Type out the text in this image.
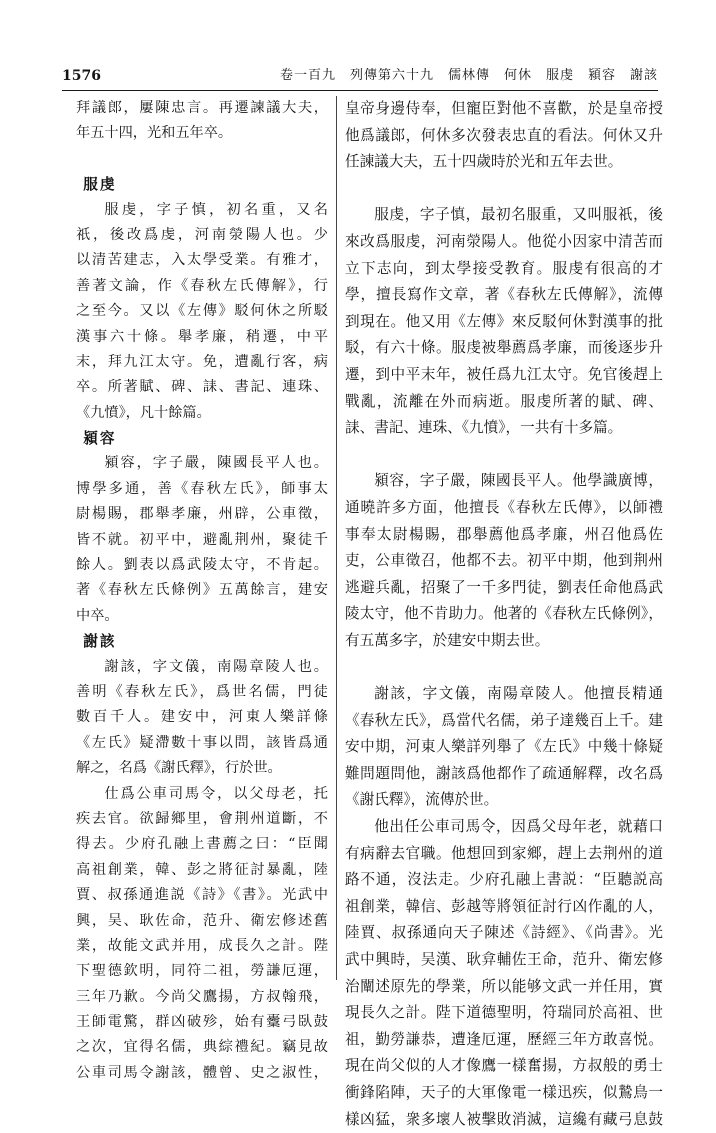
1576	卷一百九　列傳第六十九　儒林傳　何休　服虔　潁容　謝該
拜議郎，屢陳忠言。再遷諫議大夫，
年五十四，光和五年卒。
服虔
服虔，字子慎，初名重，又名
祇，後改爲虔，河南滎陽人也。少
以清苦建志，入太學受業。有雅才，
善著文論，作《春秋左氏傳解》，行
之至今。又以《左傳》駁何休之所駁
漢事六十條。舉孝廉，稍遷，中平
末，拜九江太守。免，遭亂行客，病
卒。所著賦、碑、誄、書記、連珠、
《九憤》，凡十餘篇。
潁容
潁容，字子嚴，陳國長平人也。
博學多通，善《春秋左氏》，師事太
尉楊賜，郡舉孝廉，州辟，公車徵，
皆不就。初平中，避亂荆州，聚徒千
餘人。劉表以爲武陵太守，不肯起。
著《春秋左氏條例》五萬餘言，建安
中卒。
謝該
謝該，字文儀，南陽章陵人也。
善明《春秋左氏》，爲世名儒，門徒
數百千人。建安中，河東人樂詳條
《左氏》疑滯數十事以問，該皆爲通
解之，名爲《謝氏釋》，行於世。
仕爲公車司馬令，以父母老，托
疾去官。欲歸鄉里，會荆州道斷，不
得去。少府孔融上書薦之曰：“臣聞
高祖創業，韓、彭之將征討暴亂，陸
賈、叔孫通進説《詩》《書》。光武中
興，吴、耿佐命，范升、衛宏修述舊
業，故能文武并用，成長久之計。陛
下聖德欽明，同符二祖，勞謙厄運，
三年乃歉。今尚父鷹揚，方叔翰飛，
王師電驚，群凶破殄，始有櫜弓臥鼓
之次，宜得名儒，典綜禮紀。竊見故
公車司馬令謝該，體曾、史之淑性，
皇帝身邊侍奉，但寵臣對他不喜歡，於是皇帝授
他爲議郎，何休多次發表忠直的看法。何休又升
任諫議大夫，五十四歲時於光和五年去世。
服虔，字子慎，最初名服重，又叫服祇，後
來改爲服虔，河南滎陽人。他從小因家中清苦而
立下志向，到太學接受教育。服虔有很高的才
學，擅長寫作文章，著《春秋左氏傳解》，流傳
到現在。他又用《左傳》來反駁何休對漢事的批
駁，有六十條。服虔被舉薦爲孝廉，而後逐步升
遷，到中平末年，被任爲九江太守。免官後趕上
戰亂，流離在外而病逝。服虔所著的賦、碑、
誄、書記、連珠、《九憤》，一共有十多篇。
潁容，字子嚴，陳國長平人。他學識廣博，
通曉許多方面，他擅長《春秋左氏傳》，以師禮
事奉太尉楊賜，郡舉薦他爲孝廉，州召他爲佐
吏，公車徵召，他都不去。初平中期，他到荆州
逃避兵亂，招聚了一千多門徒，劉表任命他爲武
陵太守，他不肯助力。他著的《春秋左氏條例》，
有五萬多字，於建安中期去世。
謝該，字文儀，南陽章陵人。他擅長精通
《春秋左氏》，爲當代名儒，弟子達幾百上千。建
安中期，河東人樂詳列舉了《左氏》中幾十條疑
難問題問他，謝該爲他都作了疏通解釋，改名爲
《謝氏釋》，流傳於世。
他出任公車司馬令，因爲父母年老，就藉口
有病辭去官職。他想回到家鄉，趕上去荆州的道
路不通，沒法走。少府孔融上書説：“臣聽説高
祖創業，韓信、彭越等將領征討行凶作亂的人，
陸賈、叔孫通向天子陳述《詩經》、《尚書》。光
武中興時，吴漢、耿弇輔佐王命，范升、衛宏修
治闡述原先的學業，所以能够文武一并任用，實
現長久之計。陛下道德聖明，符瑞同於高祖、世
祖，勤勞謙恭，遭逢厄運，歷經三年方敢喜悦。
現在尚父似的人才像鷹一樣奮揚，方叔般的勇士
衝鋒陷陣，天子的大軍像電一樣迅疾，似鷙鳥一
樣凶猛，衆多壞人被擊敗消滅，這纔有藏弓息鼓
